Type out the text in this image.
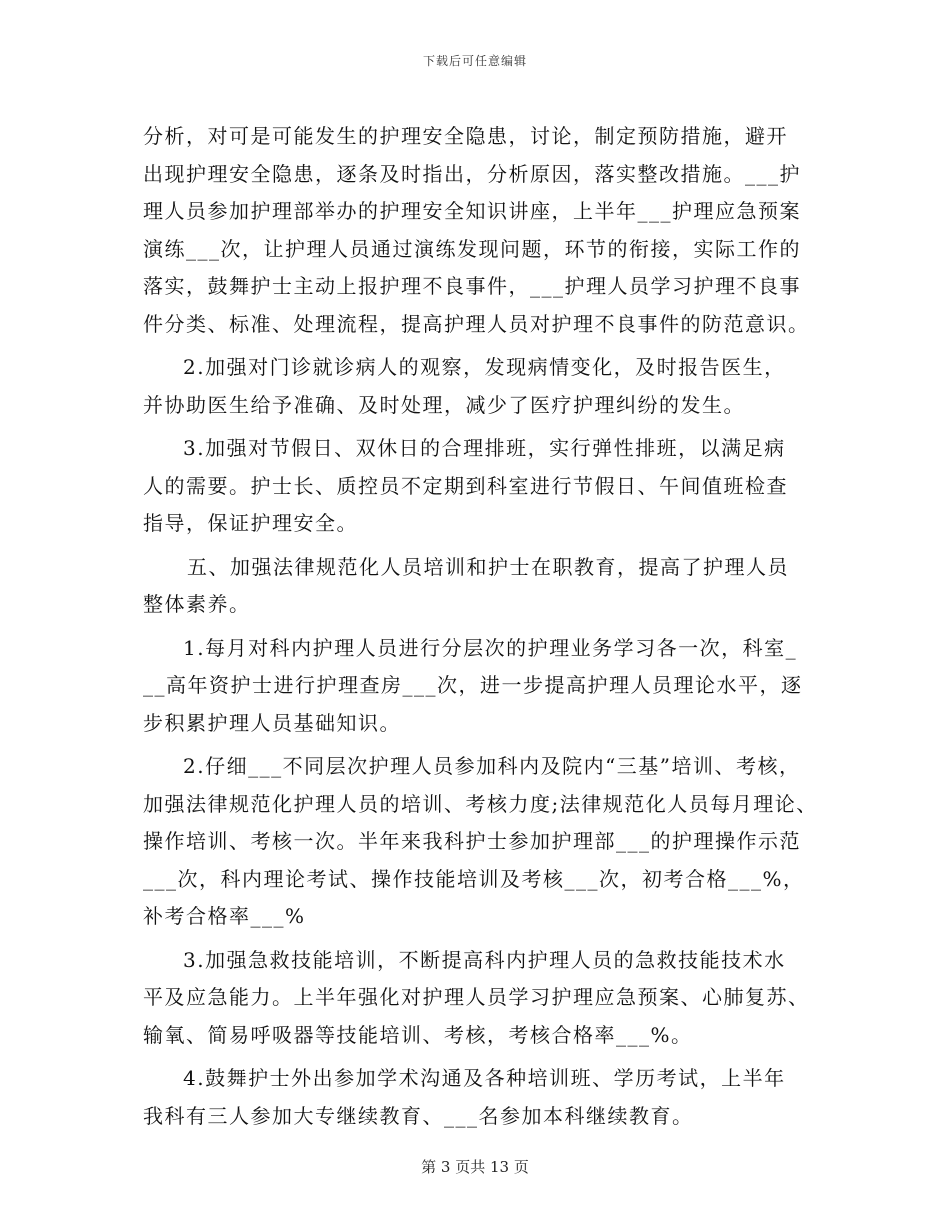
下载后可任意编辑
分析，对可是可能发生的护理安全隐患，讨论，制定预防措施，避开
出现护理安全隐患，逐条及时指出，分析原因，落实整改措施。___护
理人员参加护理部举办的护理安全知识讲座，上半年___护理应急预案
演练___次，让护理人员通过演练发现问题，环节的衔接，实际工作的
落实，鼓舞护士主动上报护理不良事件，___护理人员学习护理不良事
件分类、标准、处理流程，提高护理人员对护理不良事件的防范意识。
2.加强对门诊就诊病人的观察，发现病情变化，及时报告医生，
并协助医生给予准确、及时处理，减少了医疗护理纠纷的发生。
3.加强对节假日、双休日的合理排班，实行弹性排班，以满足病
人的需要。护士长、质控员不定期到科室进行节假日、午间值班检查
指导，保证护理安全。
五、加强法律规范化人员培训和护士在职教育，提高了护理人员
整体素养。
1.每月对科内护理人员进行分层次的护理业务学习各一次，科室_
__高年资护士进行护理查房___次，进一步提高护理人员理论水平，逐
步积累护理人员基础知识。
2.仔细___不同层次护理人员参加科内及院内“三基”培训、考核，
加强法律规范化护理人员的培训、考核力度;法律规范化人员每月理论、
操作培训、考核一次。半年来我科护士参加护理部___的护理操作示范
___次，科内理论考试、操作技能培训及考核___次，初考合格___%，
补考合格率___%
3.加强急救技能培训，不断提高科内护理人员的急救技能技术水
平及应急能力。上半年强化对护理人员学习护理应急预案、心肺复苏、
输氧、简易呼吸器等技能培训、考核，考核合格率___%。
4.鼓舞护士外出参加学术沟通及各种培训班、学历考试，上半年
我科有三人参加大专继续教育、___名参加本科继续教育。
第 3 页共 13 页
